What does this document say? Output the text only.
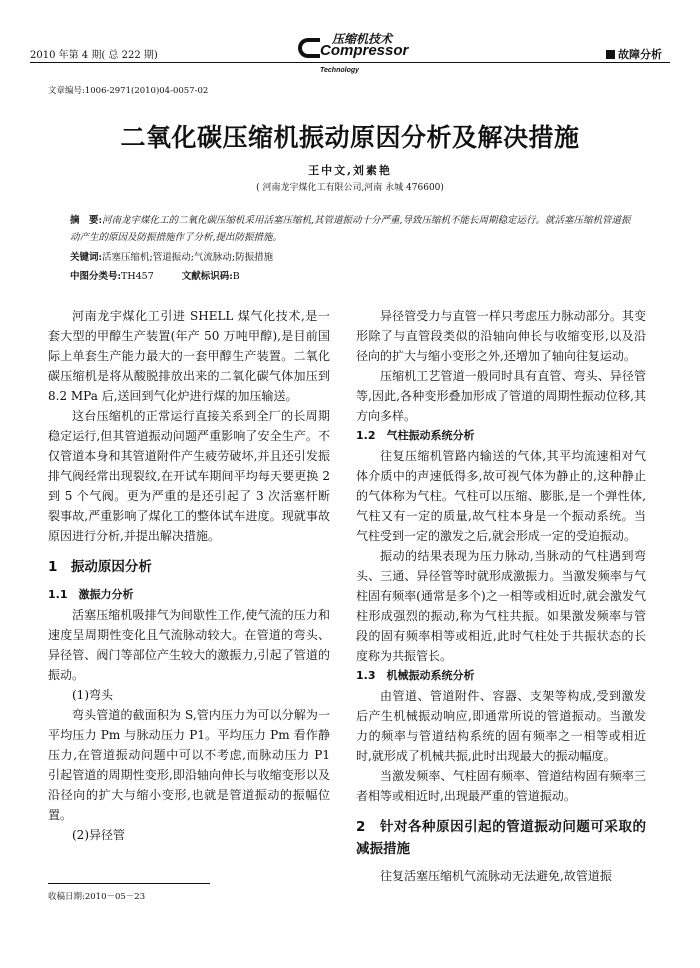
2010 年第 4 期( 总 222 期)
压缩机技术
Compressor Technology
故障分析
文章编号:1006-2971(2010)04-0057-02
二氧化碳压缩机振动原因分析及解决措施
王中文,刘素艳
( 河南龙宇煤化工有限公司,河南 永城 476600)
摘　要:河南龙宇煤化工的二氧化碳压缩机采用活塞压缩机,其管道振动十分严重,导致压缩机不能长周期稳定运行。就活塞压缩机管道振动产生的原因及防振措施作了分析,提出防振措施。
关键词:活塞压缩机;管道振动;气流脉动;防振措施
中图分类号:TH457	文献标识码:B

河南龙宇煤化工引进 SHELL 煤气化技术,是一套大型的甲醇生产装置(年产 50 万吨甲醇),是目前国际上单套生产能力最大的一套甲醇生产装置。二氧化碳压缩机是将从酸脱排放出来的二氧化碳气体加压到 8.2 MPa 后,送回到气化炉进行煤的加压输送。

这台压缩机的正常运行直接关系到全厂的长周期稳定运行,但其管道振动问题严重影响了安全生产。不仅管道本身和其管道附件产生疲劳破坏,并且还引发振排气阀经常出现裂纹,在开试车期间平均每天要更换 2 到 5 个气阀。更为严重的是还引起了 3 次活塞杆断裂事故,严重影响了煤化工的整体试车进度。现就事故原因进行分析,并提出解决措施。

1　振动原因分析
1.1　激振力分析

活塞压缩机吸排气为间歇性工作,使气流的压力和速度呈周期性变化且气流脉动较大。在管道的弯头、异径管、阀门等部位产生较大的激振力,引起了管道的振动。

(1)弯头

弯头管道的截面积为 S,管内压力为可以分解为一平均压力 Pm 与脉动压力 P1。平均压力 Pm 看作静压力,在管道振动问题中可以不考虑,而脉动压力 P1 引起管道的周期性变形,即沿轴向伸长与收缩变形以及沿径向的扩大与缩小变形,也就是管道振动的振幅位置。

(2)异径管

异径管受力与直管一样只考虑压力脉动部分。其变形除了与直管段类似的沿轴向伸长与收缩变形,以及沿径向的扩大与缩小变形之外,还增加了轴向往复运动。

压缩机工艺管道一般同时具有直管、弯头、异径管等,因此,各种变形叠加形成了管道的周期性振动位移,其方向多样。

1.2　气柱振动系统分析

往复压缩机管路内输送的气体,其平均流速相对气体介质中的声速低得多,故可视气体为静止的,这种静止的气体称为气柱。气柱可以压缩、膨胀,是一个弹性体,气柱又有一定的质量,故气柱本身是一个振动系统。当气柱受到一定的激发之后,就会形成一定的受迫振动。

振动的结果表现为压力脉动,当脉动的气柱遇到弯头、三通、异径管等时就形成激振力。当激发频率与气柱固有频率(通常是多个)之一相等或相近时,就会激发气柱形成强烈的振动,称为气柱共振。如果激发频率与管段的固有频率相等或相近,此时气柱处于共振状态的长度称为共振管长。

1.3　机械振动系统分析

由管道、管道附件、容器、支架等构成,受到激发后产生机械振动响应,即通常所说的管道振动。当激发力的频率与管道结构系统的固有频率之一相等或相近时,就形成了机械共振,此时出现最大的振动幅度。

当激发频率、气柱固有频率、管道结构固有频率三者相等或相近时,出现最严重的管道振动。

2　针对各种原因引起的管道振动问题可采取的减振措施

往复活塞压缩机气流脉动无法避免,故管道振

收稿日期:2010－05－23
